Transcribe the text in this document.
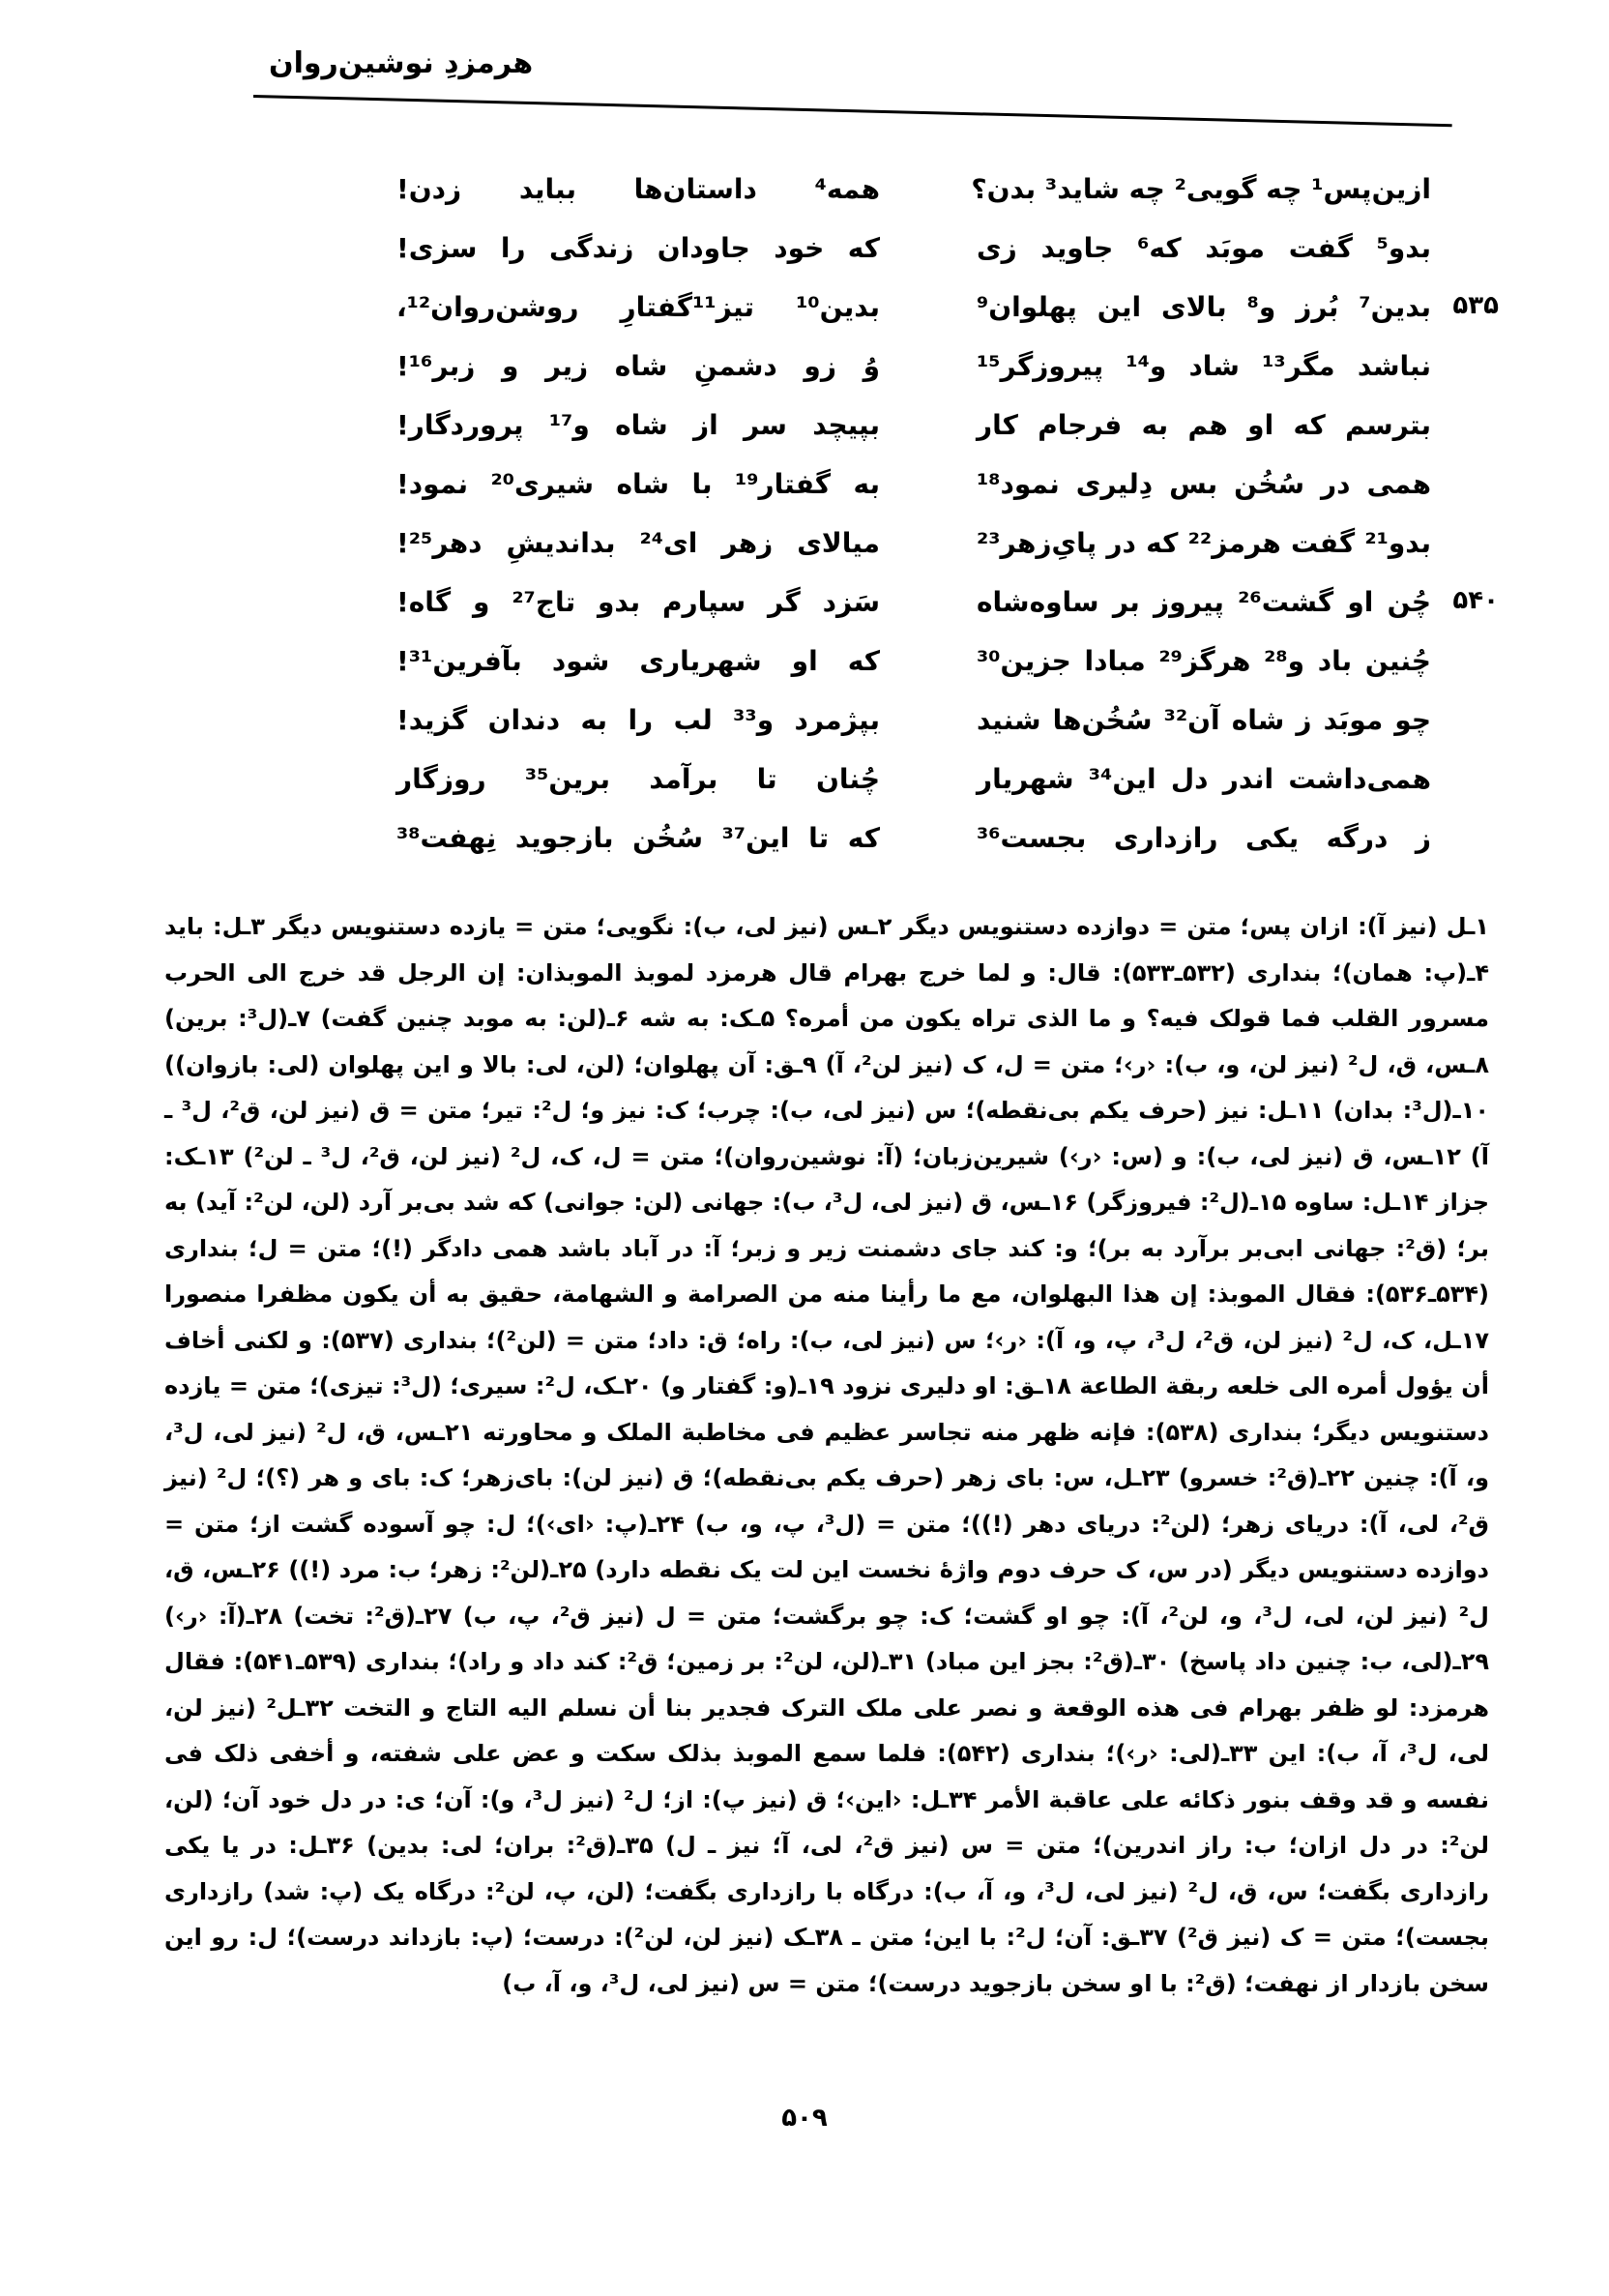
هرمزدِ نوشین‌روان
ازین‌پس¹ چه گویی² چه شاید³ بدن؟
همه⁴ داستان‌ها بباید زدن!
بدو⁵ گفت موبَد که⁶ جاوید زی
که خود جاودان زندگی را سزی!
۵۳۵
بدین⁷ بُرز و⁸ بالای این پهلوان⁹
بدین¹⁰ تیز¹¹گفتارِ روشن‌روان¹²،
نباشد مگر¹³ شاد و¹⁴ پیروزگر¹⁵
وُ زو دشمنِ شاه زیر و زبر¹⁶!
بترسم که او هم به فرجام کار
بپیچد سر از شاه و¹⁷ پروردگار!
همی در سُخُن بس دِلیری نمود¹⁸
به گفتار¹⁹ با شاه شیری²⁰ نمود!
بدو²¹ گفت هرمز²² که در پایِ‌زهر²³
میالای زهر ای²⁴ بداندیشِ دهر²⁵!
۵۴۰
چُن او گشت²⁶ پیروز بر ساوه‌شاه
سَزد گر سپارم بدو تاج²⁷ و گاه!
چُنین باد و²⁸ هرگز²⁹ مبادا جزین³⁰
که او شهریاری شود بآفرین³¹!
چو موبَد ز شاه آن³² سُخُن‌ها شنید
بپژمرد و³³ لب را به دندان گزید!
همی‌داشت اندر دل این³⁴ شهریار
چُنان تا برآمد برین³⁵ روزگار
ز درگه یکی رازداری بجست³⁶
که تا این³⁷ سُخُن بازجوید نِهفت³⁸
۱ـل (نیز آ): ازان پس؛ متن = دوازده دستنویس دیگر ۲ـس (نیز لی، ب): نگویی؛ متن = یازده دستنویس دیگر ۳ـل: باید ۴ـ(پ: همان)؛ بنداری (۵۳۲ـ۵۳۳): قال: و لما خرج بهرام قال هرمزد لموبذ الموبذان: إن الرجل قد خرج الی الحرب مسرور القلب فما قولک فیه؟ و ما الذی تراه یکون من أمره؟ ۵ـک: به شه ۶ـ(لن: به موبد چنین گفت) ۷ـ(ل³: برین) ۸ـس، ق، ل² (نیز لن، و، ب): ‹ر›؛ متن = ل، ک (نیز لن²، آ) ۹ـق: آن پهلوان؛ (لن، لی: بالا و این پهلوان (لی: بازوان)) ۱۰ـ(ل³: بدان) ۱۱ـل: نیز (حرف یکم بی‌نقطه)؛ س (نیز لی، ب): چرب؛ ک: نیز و؛ ل²: تیر؛ متن = ق (نیز لن، ق²، ل³ ـ آ) ۱۲ـس، ق (نیز لی، ب): و (س: ‹ر›) شیرین‌زبان؛ (آ: نوشین‌روان)؛ متن = ل، ک، ل² (نیز لن، ق²، ل³ ـ لن²) ۱۳ـک: جزاز ۱۴ـل: ساوه ۱۵ـ(ل²: فیروزگر) ۱۶ـس، ق (نیز لی، ل³، ب): جهانی (لن: جوانی) که شد بی‌بر آرد (لن، لن²: آید) به بر؛ (ق²: جهانی ابی‌بر برآرد به بر)؛ و: کند جای دشمنت زیر و زبر؛ آ: در آباد باشد همی دادگر (!)؛ متن = ل؛ بنداری (۵۳۴ـ۵۳۶): فقال الموبذ: إن هذا البهلوان، مع ما رأینا منه من الصرامة و الشهامة، حقیق به أن یکون مظفرا منصورا ۱۷ـل، ک، ل² (نیز لن، ق²، ل³، پ، و، آ): ‹ر›؛ س (نیز لی، ب): راه؛ ق: داد؛ متن = (لن²)؛ بنداری (۵۳۷): و لکنی أخاف أن یؤول أمره الی خلعه ربقة الطاعة ۱۸ـق: او دلیری نزود ۱۹ـ(و: گفتار و) ۲۰ـک، ل²: سیری؛ (ل³: تیزی)؛ متن = یازده دستنویس دیگر؛ بنداری (۵۳۸): فإنه ظهر منه تجاسر عظیم فی مخاطبة الملک و محاورته ۲۱ـس، ق، ل² (نیز لی، ل³، و، آ): چنین ۲۲ـ(ق²: خسرو) ۲۳ـل، س: بای زهر (حرف یکم بی‌نقطه)؛ ق (نیز لن): بای‌زهر؛ ک: بای و هر (؟)؛ ل² (نیز ق²، لی، آ): دریای زهر؛ (لن²: دریای دهر (!))؛ متن = (ل³، پ، و، ب) ۲۴ـ(پ: ‹ای›)؛ ل: چو آسوده گشت از؛ متن = دوازده دستنویس دیگر (در س، ک حرف دوم واژهٔ نخست این لت یک نقطه دارد) ۲۵ـ(لن²: زهر؛ ب: مرد (!)) ۲۶ـس، ق، ل² (نیز لن، لی، ل³، و، لن²، آ): چو او گشت؛ ک: چو برگشت؛ متن = ل (نیز ق²، پ، ب) ۲۷ـ(ق²: تخت) ۲۸ـ(آ: ‹ر›) ۲۹ـ(لی، ب: چنین داد پاسخ) ۳۰ـ(ق²: بجز این مباد) ۳۱ـ(لن، لن²: بر زمین؛ ق²: کند داد و راد)؛ بنداری (۵۳۹ـ۵۴۱): فقال هرمزد: لو ظفر بهرام فی هذه الوقعة و نصر علی ملک الترک فجدیر بنا أن نسلم الیه التاج و التخت ۳۲ـل² (نیز لن، لی، ل³، آ، ب): این ۳۳ـ(لی: ‹ر›)؛ بنداری (۵۴۲): فلما سمع الموبذ بذلک سکت و عض علی شفته، و أخفی ذلک فی نفسه و قد وقف بنور ذکائه علی عاقبة الأمر ۳۴ـل: ‹این›؛ ق (نیز پ): از؛ ل² (نیز ل³، و): آن؛ ی: در دل خود آن؛ (لن، لن²: در دل ازان؛ ب: راز اندرین)؛ متن = س (نیز ق²، لی، آ؛ نیز ـ ل) ۳۵ـ(ق²: بران؛ لی: بدین) ۳۶ـل: در یا یکی رازداری بگفت؛ س، ق، ل² (نیز لی، ل³، و، آ، ب): درگاه با رازداری بگفت؛ (لن، پ، لن²: درگاه یک (پ: شد) رازداری بجست)؛ متن = ک (نیز ق²) ۳۷ـق: آن؛ ل²: با این؛ متن ـ ۳۸ـک (نیز لن، لن²): درست؛ (پ: بازداند درست)؛ ل: رو این سخن بازدار از نهفت؛ (ق²: با او سخن بازجوید درست)؛ متن = س (نیز لی، ل³، و، آ، ب)
۵۰۹
